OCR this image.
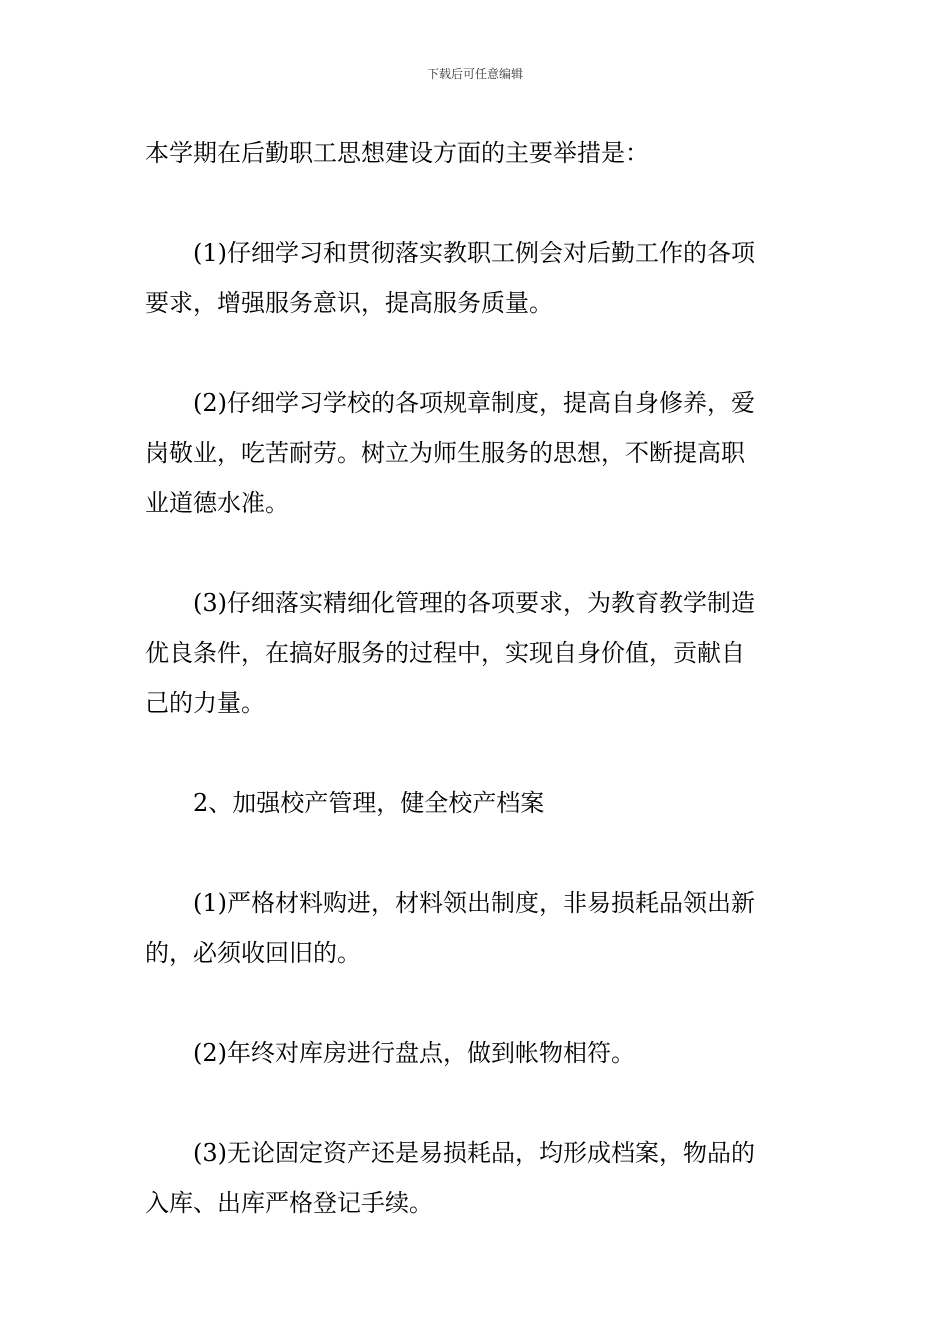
下载后可任意编辑

本学期在后勤职工思想建设方面的主要举措是：

(1)仔细学习和贯彻落实教职工例会对后勤工作的各项
要求，增强服务意识，提高服务质量。

(2)仔细学习学校的各项规章制度，提高自身修养，爱
岗敬业，吃苦耐劳。树立为师生服务的思想，不断提高职
业道德水准。

(3)仔细落实精细化管理的各项要求，为教育教学制造
优良条件，在搞好服务的过程中，实现自身价值，贡献自
己的力量。

2、加强校产管理，健全校产档案

(1)严格材料购进，材料领出制度，非易损耗品领出新
的，必须收回旧的。

(2)年终对库房进行盘点，做到帐物相符。

(3)无论固定资产还是易损耗品，均形成档案，物品的
入库、出库严格登记手续。
